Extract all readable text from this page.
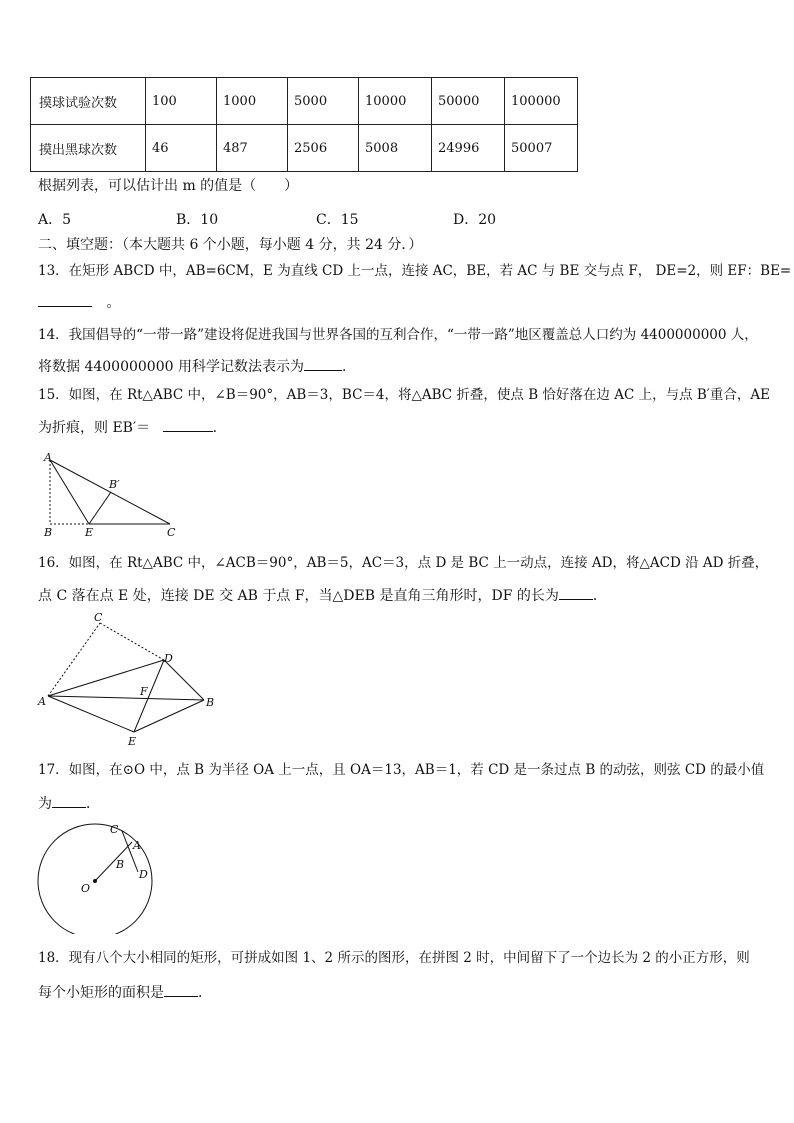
摸球试验次数	100	1000	5000	10000	50000	100000
摸出黑球次数	46	487	2506	5008	24996	50007
根据列表，可以估计出 m 的值是（　　）
A．5	B．10	C．15	D．20
二、填空题：（本大题共 6 个小题，每小题 4 分，共 24 分．）
13．在矩形 ABCD 中，AB=6CM，E 为直线 CD 上一点，连接 AC，BE，若 AC 与 BE 交与点 F， DE=2，则 EF：BE=
。
14．我国倡导的“一带一路”建设将促进我国与世界各国的互利合作，“一带一路”地区覆盖总人口约为 4400000000 人，
将数据 4400000000 用科学记数法表示为	．
15．如图，在 Rt△ABC 中，∠B＝90°，AB＝3，BC＝4，将△ABC 折叠，使点 B 恰好落在边 AC 上，与点 B′重合，AE
为折痕，则 EB′＝	．
A
B	E	C
B′
16．如图，在 Rt△ABC 中，∠ACB＝90°，AB＝5，AC＝3，点 D 是 BC 上一动点，连接 AD，将△ACD 沿 AD 折叠，
点 C 落在点 E 处，连接 DE 交 AB 于点 F，当△DEB 是直角三角形时，DF 的长为 ．
A
C
D
F
B
E
17．如图，在⊙O 中，点 B 为半径 OA 上一点，且 OA＝13，AB＝1，若 CD 是一条过点 B 的动弦，则弦 CD 的最小值
为 ．
C
A
B
D
O
18．现有八个大小相同的矩形，可拼成如图 1、2 所示的图形，在拼图 2 时，中间留下了一个边长为 2 的小正方形，则
每个小矩形的面积是 ．
